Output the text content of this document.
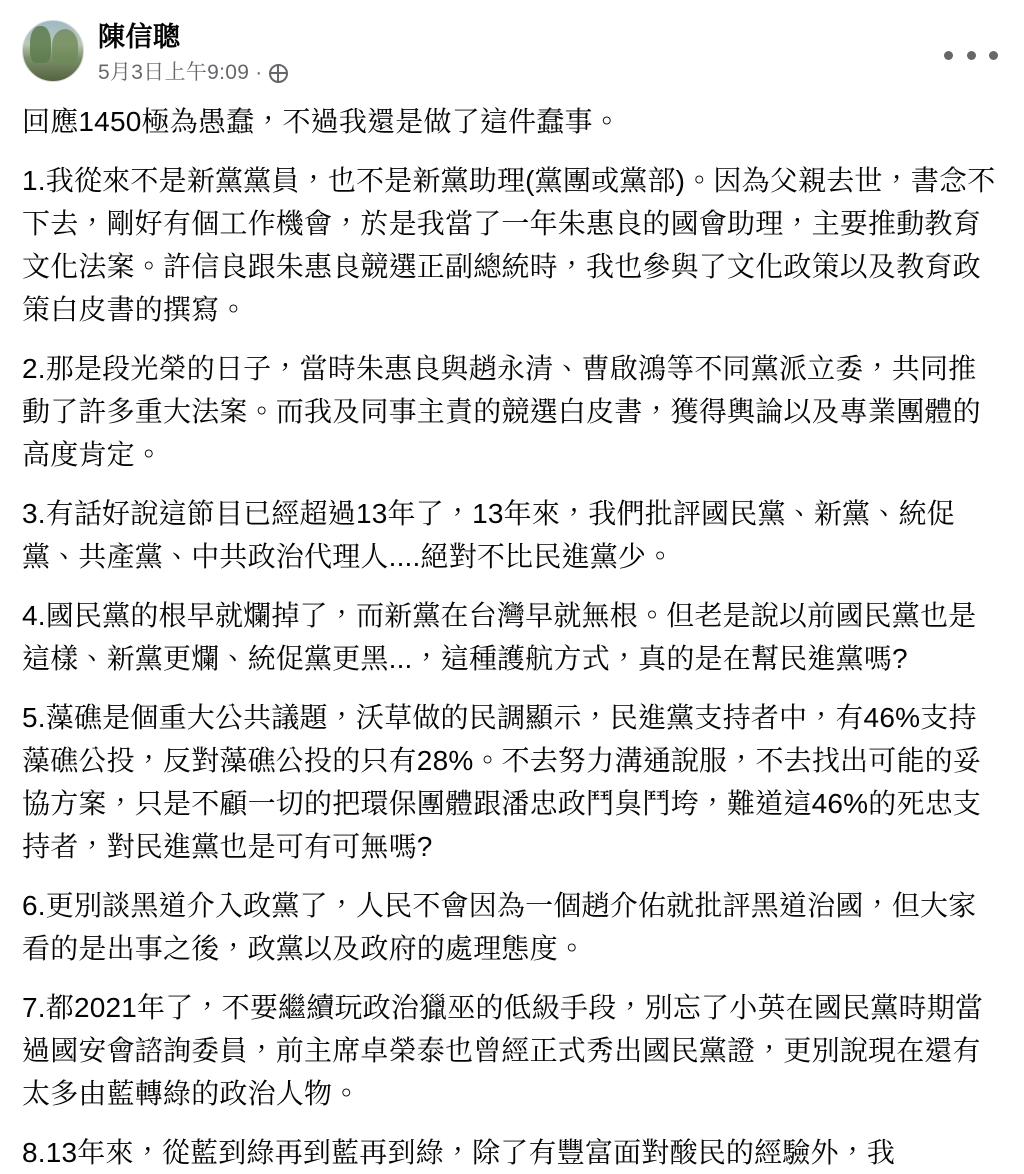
陳信聰
5月3日上午9:09 ·

回應1450極為愚蠢，不過我還是做了這件蠢事。

1.我從來不是新黨黨員，也不是新黨助理(黨團或黨部)。因為父親去世，書念不下去，剛好有個工作機會，於是我當了一年朱惠良的國會助理，主要推動教育文化法案。許信良跟朱惠良競選正副總統時，我也參與了文化政策以及教育政策白皮書的撰寫。

2.那是段光榮的日子，當時朱惠良與趙永清、曹啟鴻等不同黨派立委，共同推動了許多重大法案。而我及同事主責的競選白皮書，獲得輿論以及專業團體的高度肯定。

3.有話好說這節目已經超過13年了，13年來，我們批評國民黨、新黨、統促黨、共產黨、中共政治代理人....絕對不比民進黨少。

4.國民黨的根早就爛掉了，而新黨在台灣早就無根。但老是說以前國民黨也是這樣、新黨更爛、統促黨更黑...，這種護航方式，真的是在幫民進黨嗎?

5.藻礁是個重大公共議題，沃草做的民調顯示，民進黨支持者中，有46%支持藻礁公投，反對藻礁公投的只有28%。不去努力溝通說服，不去找出可能的妥協方案，只是不顧一切的把環保團體跟潘忠政鬥臭鬥垮，難道這46%的死忠支持者，對民進黨也是可有可無嗎?

6.更別談黑道介入政黨了，人民不會因為一個趙介佑就批評黑道治國，但大家看的是出事之後，政黨以及政府的處理態度。

7.都2021年了，不要繼續玩政治獵巫的低級手段，別忘了小英在國民黨時期當過國安會諮詢委員，前主席卓榮泰也曾經正式秀出國民黨證，更別說現在還有太多由藍轉綠的政治人物。

8.13年來，從藍到綠再到藍再到綠，除了有豐富面對酸民的經驗外，我
